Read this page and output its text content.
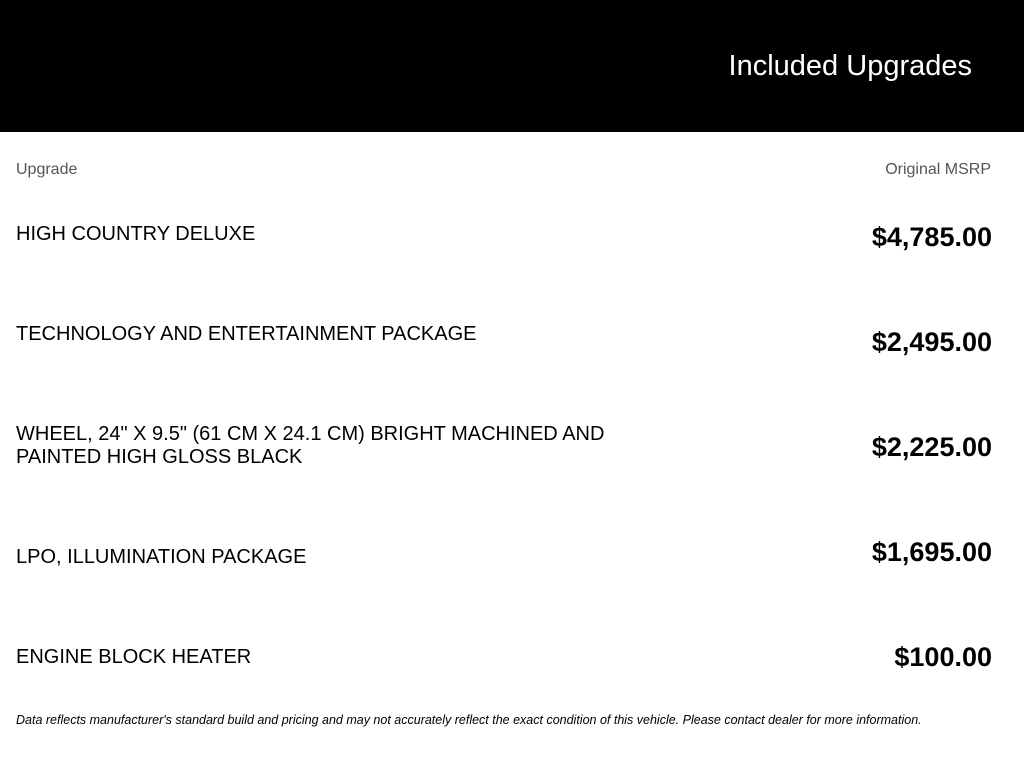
Included Upgrades
Upgrade	Original MSRP
HIGH COUNTRY DELUXE	$4,785.00
TECHNOLOGY AND ENTERTAINMENT PACKAGE	$2,495.00
WHEEL, 24" X 9.5" (61 CM X 24.1 CM) BRIGHT MACHINED AND PAINTED HIGH GLOSS BLACK	$2,225.00
LPO, ILLUMINATION PACKAGE	$1,695.00
ENGINE BLOCK HEATER	$100.00
Data reflects manufacturer's standard build and pricing and may not accurately reflect the exact condition of this vehicle. Please contact dealer for more information.
